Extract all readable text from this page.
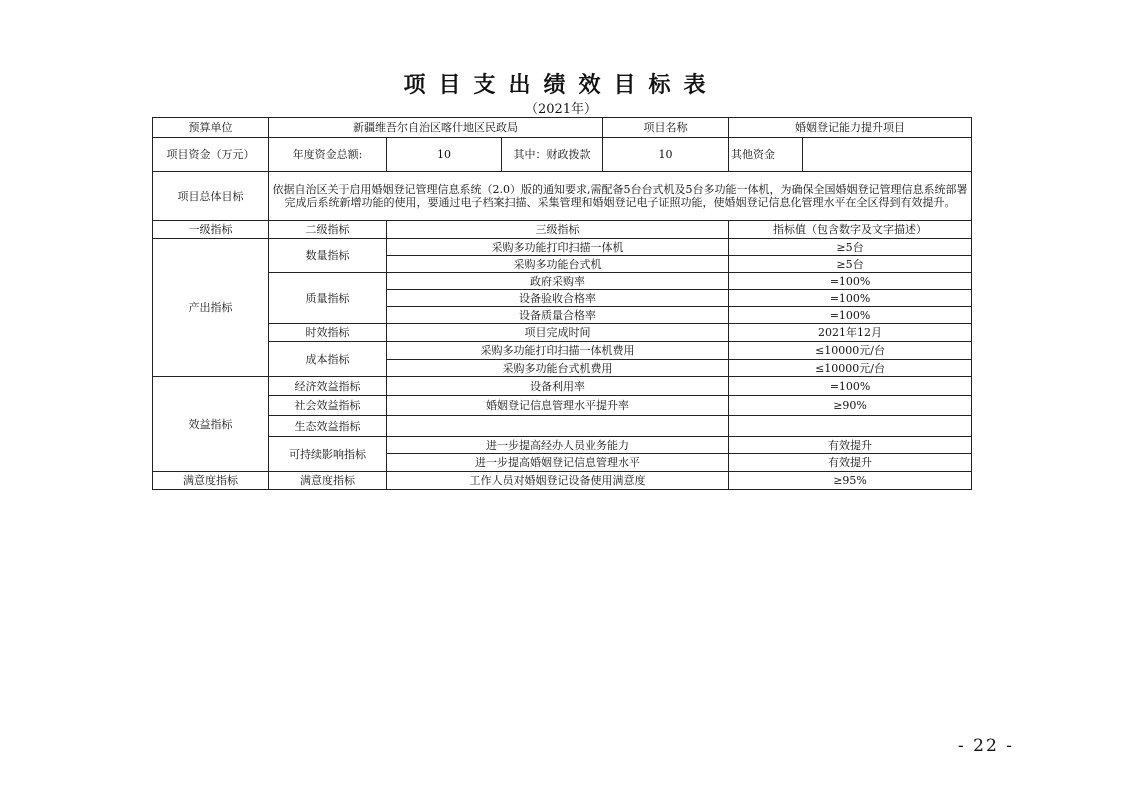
项目支出绩效目标表
（2021年）
预算单位	新疆维吾尔自治区喀什地区民政局			项目名称	婚姻登记能力提升项目	
项目资金（万元）	年度资金总额:	10	其中：财政拨款	10	其他资金	
项目总体目标	依据自治区关于启用婚姻登记管理信息系统（2.0）版的通知要求,需配备5台台式机及5台多功能一体机，为确保全国婚姻登记管理信息系统部署完成后系统新增功能的使用，要通过电子档案扫描、采集管理和婚姻登记电子证照功能，使婚姻登记信息化管理水平在全区得到有效提升。					
一级指标	二级指标	三级指标			指标值（包含数字及文字描述）	
产出指标	数量指标	采购多功能打印扫描一体机			≥5台	
		采购多功能台式机			≥5台	
	质量指标	政府采购率			=100%	
		设备验收合格率			=100%	
		设备质量合格率			=100%	
	时效指标	项目完成时间			2021年12月	
	成本指标	采购多功能打印扫描一体机费用			≤10000元/台	
		采购多功能台式机费用			≤10000元/台	
效益指标	经济效益指标	设备利用率			=100%	
	社会效益指标	婚姻登记信息管理水平提升率			≥90%	
	生态效益指标					
	可持续影响指标	进一步提高经办人员业务能力			有效提升	
		进一步提高婚姻登记信息管理水平			有效提升	
满意度指标	满意度指标	工作人员对婚姻登记设备使用满意度			≥95%	
- 22 -
